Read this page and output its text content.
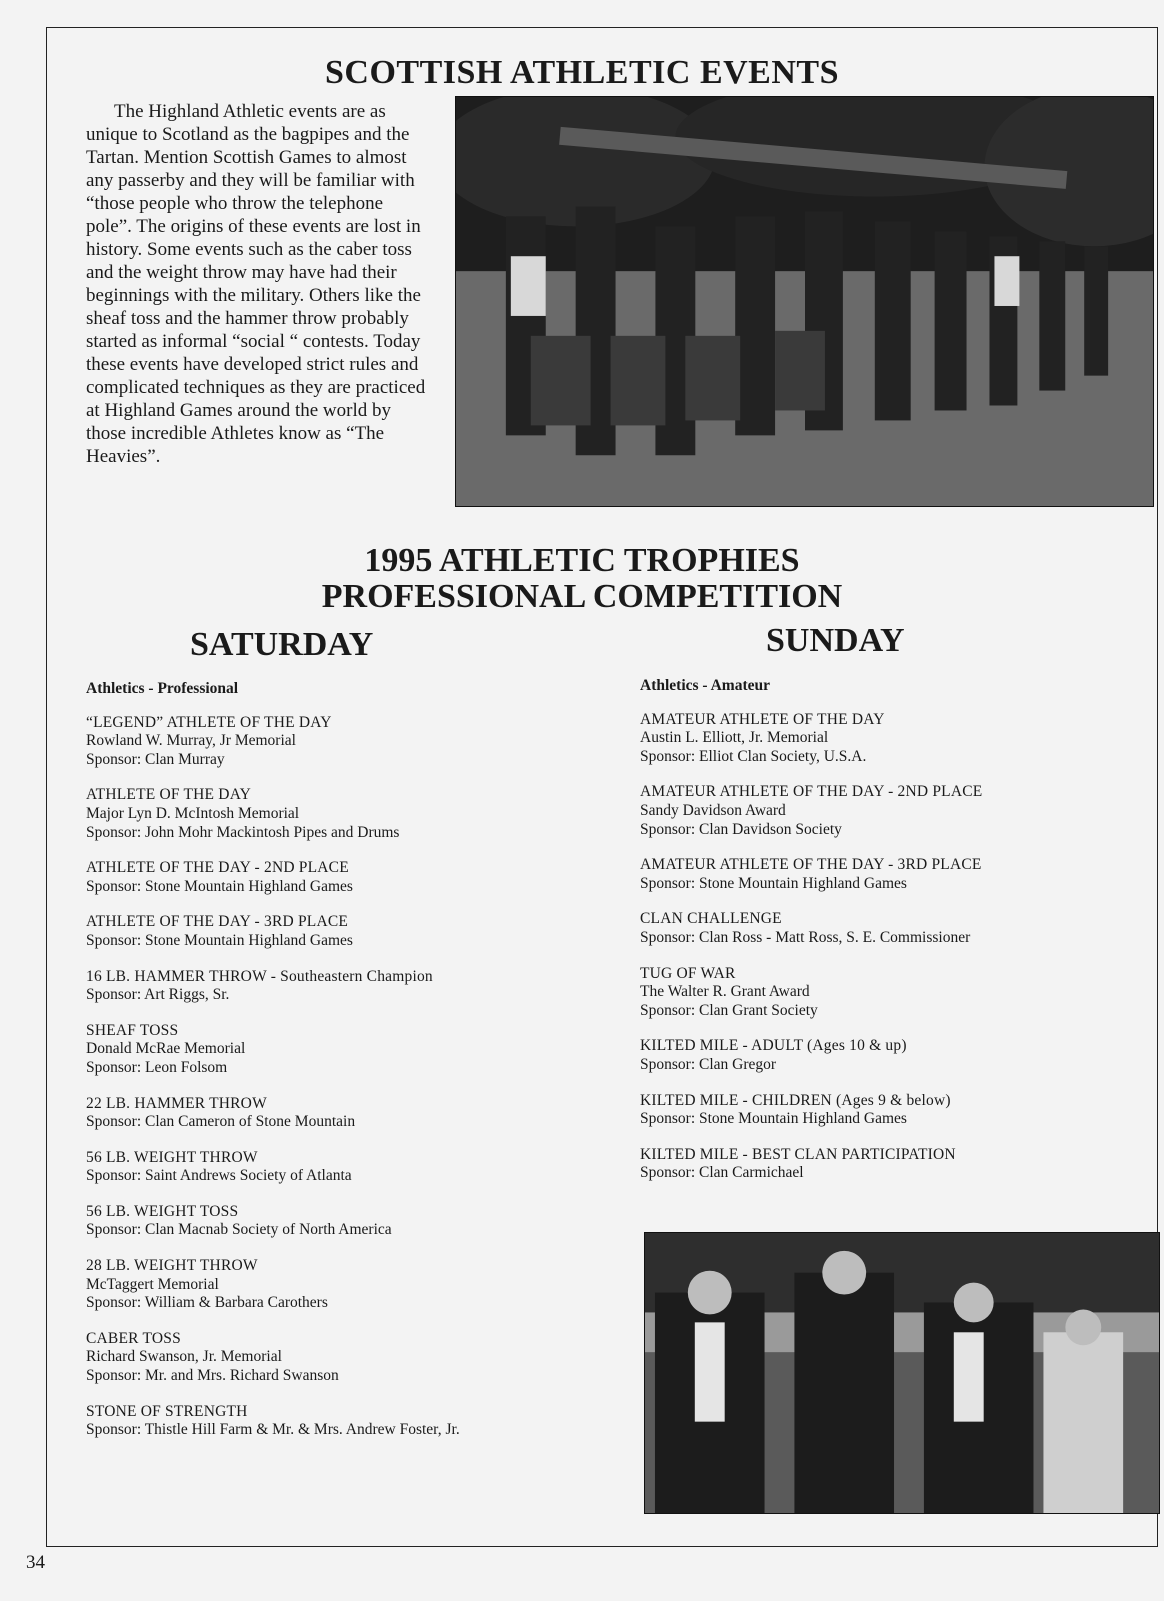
SCOTTISH ATHLETIC EVENTS
The Highland Athletic events are as unique to Scotland as the bagpipes and the Tartan. Mention Scottish Games to almost any passerby and they will be familiar with “those people who throw the telephone pole”. The origins of these events are lost in history. Some events such as the caber toss and the weight throw may have had their beginnings with the military. Others like the sheaf toss and the hammer throw probably started as informal “social “ contests. Today these events have developed strict rules and complicated techniques as they are practiced at Highland Games around the world by those incredible Athletes know as “The Heavies”.
1995 ATHLETIC TROPHIES
PROFESSIONAL COMPETITION
SATURDAY	SUNDAY
Athletics - Professional
“LEGEND” ATHLETE OF THE DAY
Rowland W. Murray, Jr Memorial
Sponsor: Clan Murray
ATHLETE OF THE DAY
Major Lyn D. McIntosh Memorial
Sponsor: John Mohr Mackintosh Pipes and Drums
ATHLETE OF THE DAY - 2ND PLACE
Sponsor: Stone Mountain Highland Games
ATHLETE OF THE DAY - 3RD PLACE
Sponsor: Stone Mountain Highland Games
16 LB. HAMMER THROW - Southeastern Champion
Sponsor: Art Riggs, Sr.
SHEAF TOSS
Donald McRae Memorial
Sponsor: Leon Folsom
22 LB. HAMMER THROW
Sponsor: Clan Cameron of Stone Mountain
56 LB. WEIGHT THROW
Sponsor: Saint Andrews Society of Atlanta
56 LB. WEIGHT TOSS
Sponsor: Clan Macnab Society of North America
28 LB. WEIGHT THROW
McTaggert Memorial
Sponsor: William & Barbara Carothers
CABER TOSS
Richard Swanson, Jr. Memorial
Sponsor: Mr. and Mrs. Richard Swanson
STONE OF STRENGTH
Sponsor: Thistle Hill Farm & Mr. & Mrs. Andrew Foster, Jr.
Athletics - Amateur
AMATEUR ATHLETE OF THE DAY
Austin L. Elliott, Jr. Memorial
Sponsor: Elliot Clan Society, U.S.A.
AMATEUR ATHLETE OF THE DAY - 2ND PLACE
Sandy Davidson Award
Sponsor: Clan Davidson Society
AMATEUR ATHLETE OF THE DAY - 3RD PLACE
Sponsor: Stone Mountain Highland Games
CLAN CHALLENGE
Sponsor: Clan Ross - Matt Ross, S. E. Commissioner
TUG OF WAR
The Walter R. Grant Award
Sponsor: Clan Grant Society
KILTED MILE - ADULT (Ages 10 & up)
Sponsor: Clan Gregor
KILTED MILE - CHILDREN (Ages 9 & below)
Sponsor: Stone Mountain Highland Games
KILTED MILE - BEST CLAN PARTICIPATION
Sponsor: Clan Carmichael
34
